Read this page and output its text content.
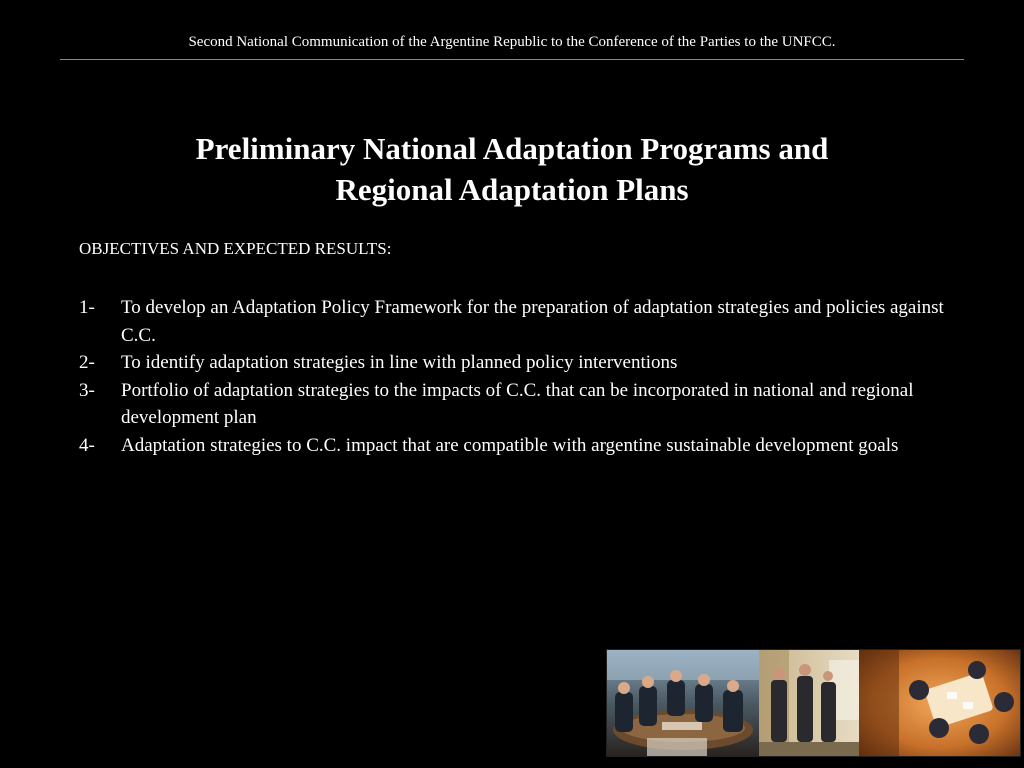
Second National Communication of the Argentine Republic to the Conference of the Parties to the UNFCC.
Preliminary National Adaptation Programs and
Regional Adaptation Plans
OBJECTIVES AND EXPECTED RESULTS:
1- To develop an Adaptation Policy Framework for the preparation of adaptation strategies and policies against C.C.
2- To identify adaptation strategies in line with planned policy interventions
3- Portfolio of adaptation strategies to the impacts of C.C. that can be incorporated in national and regional development plan
4- Adaptation strategies to C.C. impact that are compatible with argentine sustainable development goals
